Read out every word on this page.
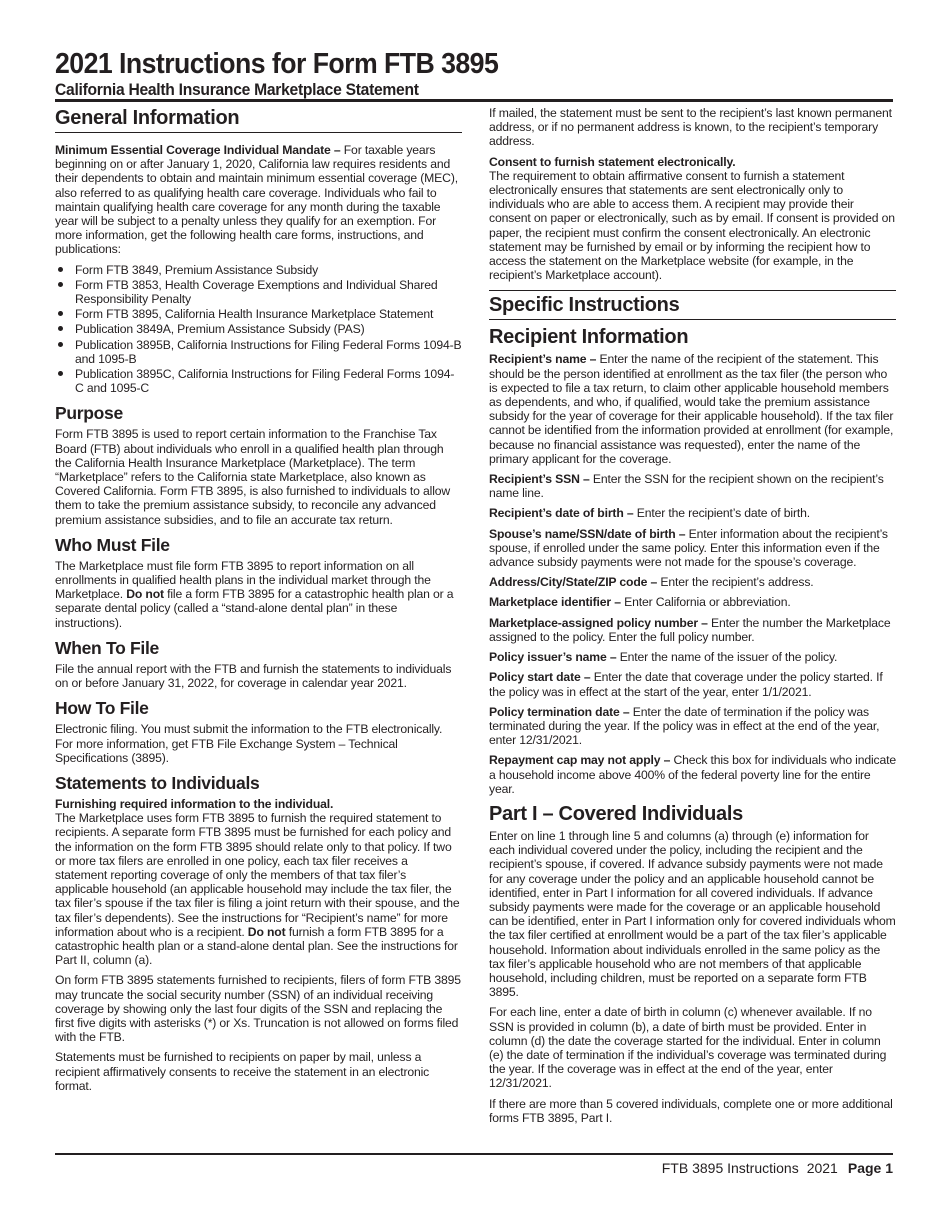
2021 Instructions for Form FTB 3895
California Health Insurance Marketplace Statement
General Information

Minimum Essential Coverage Individual Mandate – For taxable years beginning on or after January 1, 2020, California law requires residents and their dependents to obtain and maintain minimum essential coverage (MEC), also referred to as qualifying health care coverage. Individuals who fail to maintain qualifying health care coverage for any month during the taxable year will be subject to a penalty unless they qualify for an exemption. For more information, get the following health care forms, instructions, and publications:

Form FTB 3849, Premium Assistance Subsidy
Form FTB 3853, Health Coverage Exemptions and Individual Shared Responsibility Penalty
Form FTB 3895, California Health Insurance Marketplace Statement
Publication 3849A, Premium Assistance Subsidy (PAS)
Publication 3895B, California Instructions for Filing Federal Forms 1094-B and 1095-B
Publication 3895C, California Instructions for Filing Federal Forms 1094-C and 1095-C
Purpose

Form FTB 3895 is used to report certain information to the Franchise Tax Board (FTB) about individuals who enroll in a qualified health plan through the California Health Insurance Marketplace (Marketplace). The term “Marketplace” refers to the California state Marketplace, also known as Covered California. Form FTB 3895, is also furnished to individuals to allow them to take the premium assistance subsidy, to reconcile any advanced premium assistance subsidies, and to file an accurate tax return.

Who Must File

The Marketplace must file form FTB 3895 to report information on all enrollments in qualified health plans in the individual market through the Marketplace. Do not file a form FTB 3895 for a catastrophic health plan or a separate dental policy (called a “stand-alone dental plan” in these instructions).

When To File

File the annual report with the FTB and furnish the statements to individuals on or before January 31, 2022, for coverage in calendar year 2021.

How To File

Electronic filing. You must submit the information to the FTB electronically. For more information, get FTB File Exchange System – Technical Specifications (3895).

Statements to Individuals
Furnishing required information to the individual.

The Marketplace uses form FTB 3895 to furnish the required statement to recipients. A separate form FTB 3895 must be furnished for each policy and the information on the form FTB 3895 should relate only to that policy. If two or more tax filers are enrolled in one policy, each tax filer receives a statement reporting coverage of only the members of that tax filer’s applicable household (an applicable household may include the tax filer, the tax filer’s spouse if the tax filer is filing a joint return with their spouse, and the tax filer’s dependents). See the instructions for “Recipient’s name” for more information about who is a recipient. Do not furnish a form FTB 3895 for a catastrophic health plan or a stand-alone dental plan. See the instructions for Part II, column (a).

On form FTB 3895 statements furnished to recipients, filers of form FTB 3895 may truncate the social security number (SSN) of an individual receiving coverage by showing only the last four digits of the SSN and replacing the first five digits with asterisks (*) or Xs. Truncation is not allowed on forms filed with the FTB.

Statements must be furnished to recipients on paper by mail, unless a recipient affirmatively consents to receive the statement in an electronic format.

If mailed, the statement must be sent to the recipient’s last known permanent address, or if no permanent address is known, to the recipient’s temporary address.

Consent to furnish statement electronically.

The requirement to obtain affirmative consent to furnish a statement electronically ensures that statements are sent electronically only to individuals who are able to access them. A recipient may provide their consent on paper or electronically, such as by email. If consent is provided on paper, the recipient must confirm the consent electronically. An electronic statement may be furnished by email or by informing the recipient how to access the statement on the Marketplace website (for example, in the recipient’s Marketplace account).

Specific Instructions
Recipient Information

Recipient’s name – Enter the name of the recipient of the statement. This should be the person identified at enrollment as the tax filer (the person who is expected to file a tax return, to claim other applicable household members as dependents, and who, if qualified, would take the premium assistance subsidy for the year of coverage for their applicable household). If the tax filer cannot be identified from the information provided at enrollment (for example, because no financial assistance was requested), enter the name of the primary applicant for the coverage.

Recipient’s SSN – Enter the SSN for the recipient shown on the recipient’s name line.

Recipient’s date of birth – Enter the recipient’s date of birth.

Spouse’s name/SSN/date of birth – Enter information about the recipient’s spouse, if enrolled under the same policy. Enter this information even if the advance subsidy payments were not made for the spouse’s coverage.

Address/City/State/ZIP code – Enter the recipient’s address.

Marketplace identifier – Enter California or abbreviation.

Marketplace-assigned policy number – Enter the number the Marketplace assigned to the policy. Enter the full policy number.

Policy issuer’s name – Enter the name of the issuer of the policy.

Policy start date – Enter the date that coverage under the policy started. If the policy was in effect at the start of the year, enter 1/1/2021.

Policy termination date – Enter the date of termination if the policy was terminated during the year. If the policy was in effect at the end of the year, enter 12/31/2021.

Repayment cap may not apply – Check this box for individuals who indicate a household income above 400% of the federal poverty line for the entire year.

Part I – Covered Individuals

Enter on line 1 through line 5 and columns (a) through (e) information for each individual covered under the policy, including the recipient and the recipient’s spouse, if covered. If advance subsidy payments were not made for any coverage under the policy and an applicable household cannot be identified, enter in Part I information for all covered individuals. If advance subsidy payments were made for the coverage or an applicable household can be identified, enter in Part I information only for covered individuals whom the tax filer certified at enrollment would be a part of the tax filer’s applicable household. Information about individuals enrolled in the same policy as the tax filer’s applicable household who are not members of that applicable household, including children, must be reported on a separate form FTB 3895.

For each line, enter a date of birth in column (c) whenever available. If no SSN is provided in column (b), a date of birth must be provided. Enter in column (d) the date the coverage started for the individual. Enter in column (e) the date of termination if the individual’s coverage was terminated during the year. If the coverage was in effect at the end of the year, enter 12/31/2021.

If there are more than 5 covered individuals, complete one or more additional forms FTB 3895, Part I.

FTB 3895 Instructions 2021 Page 1
